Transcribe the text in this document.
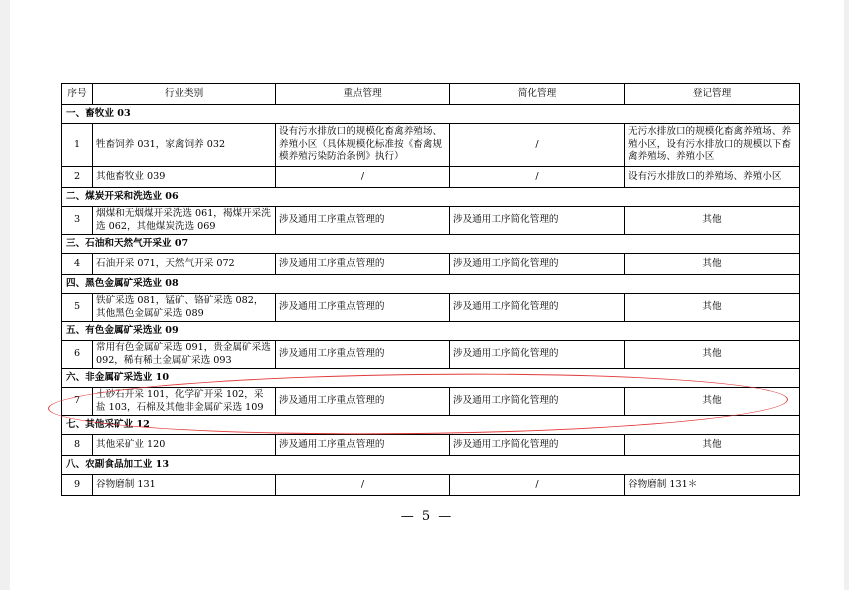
序号	行业类别	重点管理	简化管理	登记管理
一、畜牧业 03				
1	牲畜饲养 031，家禽饲养 032	设有污水排放口的规模化畜禽养殖场、养殖小区（具体规模化标准按《畜禽规模养殖污染防治条例》执行）	/	无污水排放口的规模化畜禽养殖场、养殖小区，设有污水排放口的规模以下畜禽养殖场、养殖小区
2	其他畜牧业 039	/	/	设有污水排放口的养殖场、养殖小区
二、煤炭开采和洗选业 06				
3	烟煤和无烟煤开采洗选 061，褐煤开采洗选 062，其他煤炭洗选 069	涉及通用工序重点管理的	涉及通用工序简化管理的	其他
三、石油和天然气开采业 07				
4	石油开采 071，天然气开采 072	涉及通用工序重点管理的	涉及通用工序简化管理的	其他
四、黑色金属矿采选业 08				
5	铁矿采选 081，锰矿、铬矿采选 082，其他黑色金属矿采选 089	涉及通用工序重点管理的	涉及通用工序简化管理的	其他
五、有色金属矿采选业 09				
6	常用有色金属矿采选 091，贵金属矿采选 092，稀有稀土金属矿采选 093	涉及通用工序重点管理的	涉及通用工序简化管理的	其他
六、非金属矿采选业 10				
7	土砂石开采 101，化学矿开采 102，采盐 103，石棉及其他非金属矿采选 109	涉及通用工序重点管理的	涉及通用工序简化管理的	其他
七、其他采矿业 12				
8	其他采矿业 120	涉及通用工序重点管理的	涉及通用工序简化管理的	其他
八、农副食品加工业 13				
9	谷物磨制 131	/	/	谷物磨制 131＊
— 5 —
